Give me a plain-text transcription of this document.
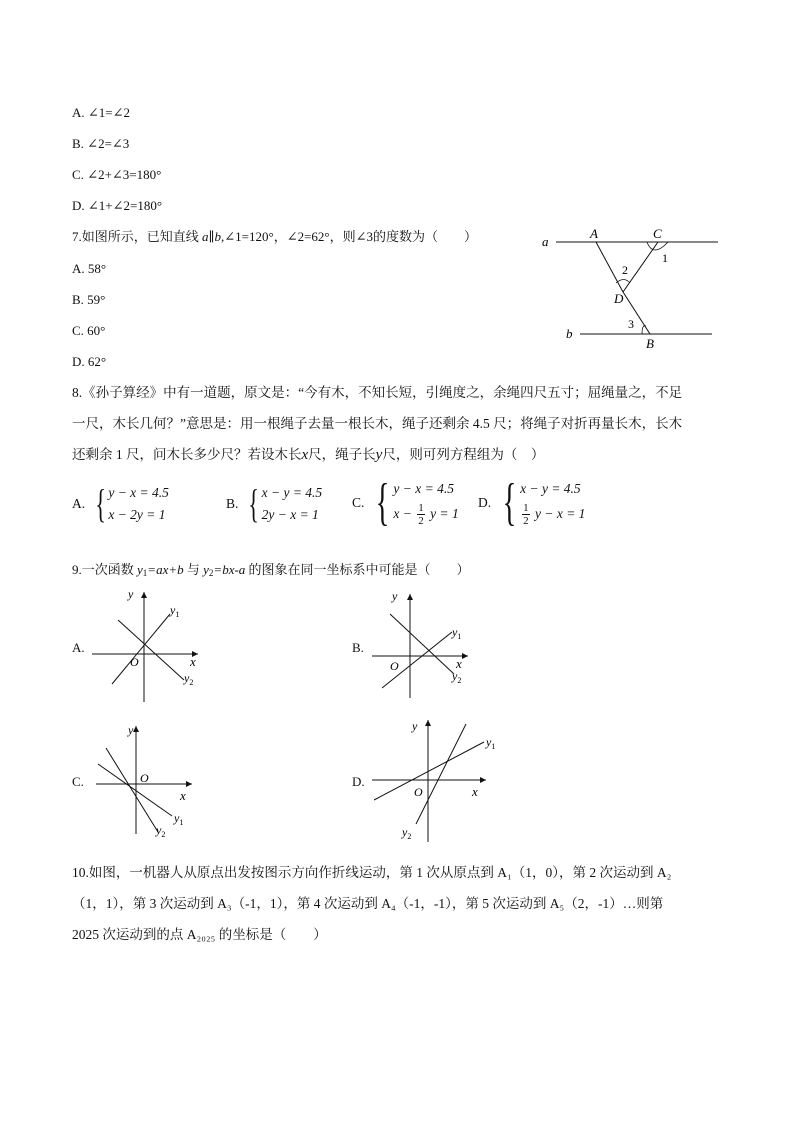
A. ∠1=∠2
B. ∠2=∠3
C. ∠2+∠3=180°
D. ∠1+∠2=180°
7.如图所示，已知直线 a∥b,∠1=120°，∠2=62°，则∠3的度数为（　　）
A. 58°
B. 59°
C. 60°
D. 62°
a
b
A	C
D
B
1
2
3
8.《孙子算经》中有一道题，原文是：“今有木，不知长短，引绳度之，余绳四尺五寸；屈绳量之，不足
一尺，木长几何？”意思是：用一根绳子去量一根长木，绳子还剩余 4.5 尺；将绳子对折再量长木，长木
还剩余 1 尺，问木长多少尺？若设木长x尺，绳子长y尺，则可列方程组为（　）
A. { y − x = 4.5
x − 2y = 1
B. { x − y = 4.5
2y − x = 1
C. { y − x = 4.5
$x - \frac{1}{2}$ y = 1
D. { x − y = 4.5
$\frac{1}{2}$ y − x = 1
9.一次函数 $y_1=ax+b$ 与 $y_2=bx-a$ 的图象在同一坐标系中可能是（　　）
A.	B.
C.	D.
y
x
O
$y_1$
$y_2$
y
x
O
$y_1$
$y_2$
y
x
O
$y_1$
$y_2$
y
x
O
$y_1$
$y_2$
10.如图，一机器人从原点出发按图示方向作折线运动，第 1 次从原点到 A₁（1，0），第 2 次运动到 A₂
（1，1），第 3 次运动到 A₃（-1，1），第 4 次运动到 A₄（-1，-1），第 5 次运动到 A₅（2，-1）…则第
2025 次运动到的点 A₂₀₂₅ 的坐标是（　　）
